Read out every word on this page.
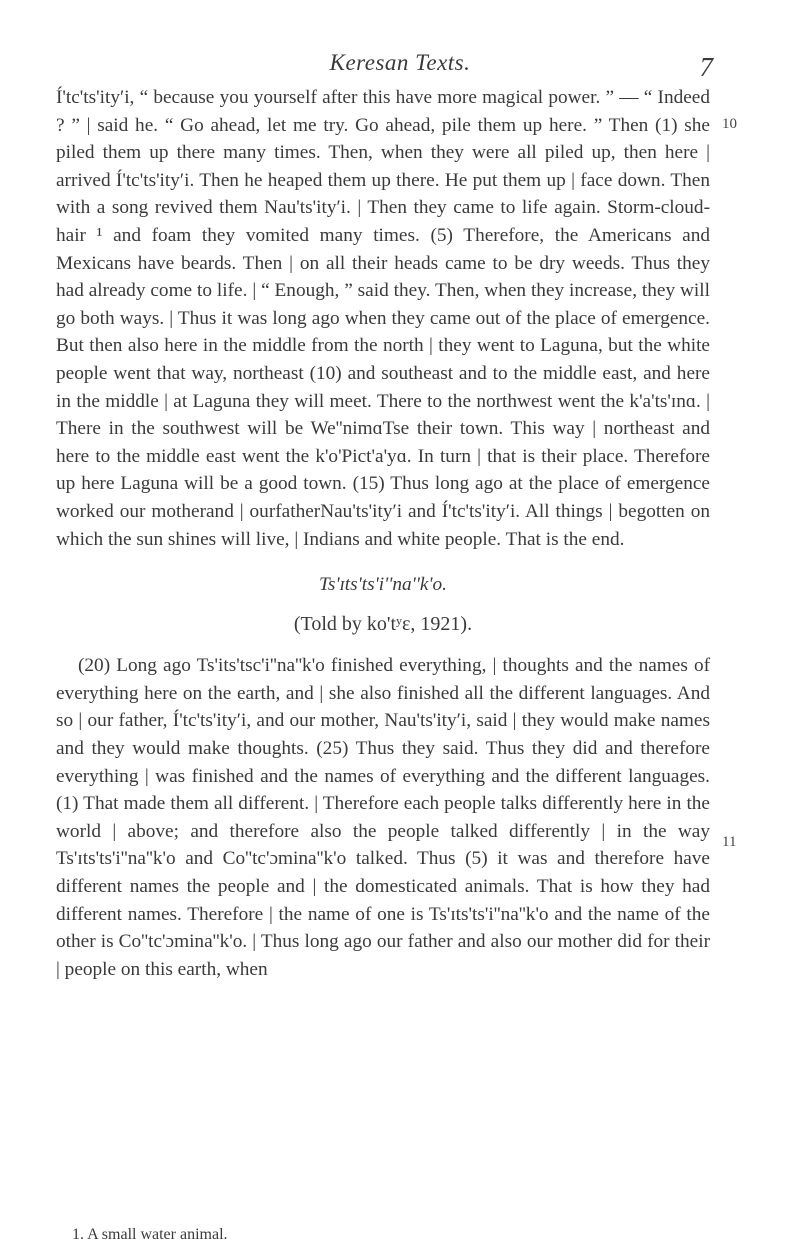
Keresan Texts.	7
10
11

Í'tc'ts'ityʹi, “ because you yourself after this have more magical power. ” — “ Indeed ? ” | said he. “ Go ahead, let me try. Go ahead, pile them up here. ” Then (1) she piled them up there many times. Then, when they were all piled up, then here | arrived Í'tc'ts'ityʹi. Then he heaped them up there. He put them up | face down. Then with a song revived them Nau'ts'ityʹi. | Then they came to life again. Storm-cloud-hair ¹ and foam they vomited many times. (5) Therefore, the Americans and Mexicans have beards. Then | on all their heads came to be dry weeds. Thus they had already come to life. | “ Enough, ” said they. Then, when they increase, they will go both ways. | Thus it was long ago when they came out of the place of emergence. But then also here in the middle from the north | they went to Laguna, but the white people went that way, northeast (10) and southeast and to the middle east, and here in the middle | at Laguna they will meet. There to the northwest went the k'a'ts'ɪnɑ. | There in the southwest will be We''nimɑTse their town. This way | northeast and here to the middle east went the k'o'Pict'a'yɑ. In turn | that is their place. Therefore up here Laguna will be a good town. (15) Thus long ago at the place of emergence worked our motherand | ourfatherNau'ts'ityʹi and Í'tc'ts'ityʹi. All things | begotten on which the sun shines will live, | Indians and white people. That is the end.

Ts'ɪts'ts'i''na''k'o.

(Told by ko'tʸɛ, 1921).

(20) Long ago Ts'its'tsc'i''na''k'o finished everything, | thoughts and the names of everything here on the earth, and | she also finished all the different languages. And so | our father, Í'tc'ts'ityʹi, and our mother, Nau'ts'ityʹi, said | they would make names and they would make thoughts. (25) Thus they said. Thus they did and therefore everything | was finished and the names of everything and the different languages. (1) That made them all different. | Therefore each people talks differently here in the world | above; and therefore also the people talked differently | in the way Ts'ɪts'ts'i''na''k'o and Co''tc'ɔmina''k'o talked. Thus (5) it was and therefore have different names the people and | the domesticated animals. That is how they had different names. Therefore | the name of one is Ts'ɪts'ts'i''na''k'o and the name of the other is Co''tc'ɔmina''k'o. | Thus long ago our father and also our mother did for their | people on this earth, when

1. A small water animal.
